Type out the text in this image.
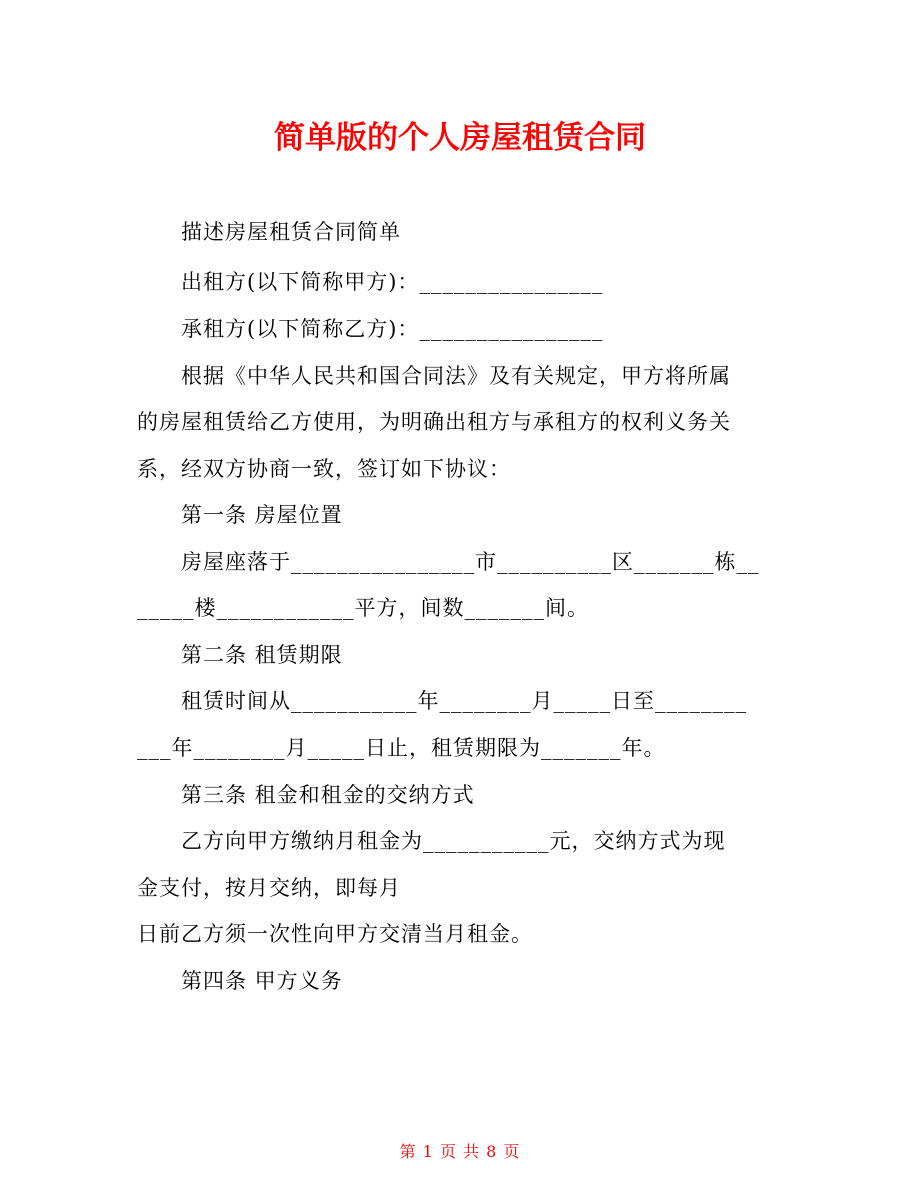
简单版的个人房屋租赁合同
描述房屋租赁合同简单
出租方(以下简称甲方)：________________
承租方(以下简称乙方)：________________
根据《中华人民共和国合同法》及有关规定，甲方将所属
的房屋租赁给乙方使用，为明确出租方与承租方的权利义务关
系，经双方协商一致，签订如下协议：
第一条 房屋位置
房屋座落于________________市__________区_______栋__
_____楼____________平方，间数_______间。
第二条 租赁期限
租赁时间从___________年________月_____日至________
___年________月_____日止，租赁期限为_______年。
第三条 租金和租金的交纳方式
乙方向甲方缴纳月租金为___________元，交纳方式为现
金支付，按月交纳，即每月
日前乙方须一次性向甲方交清当月租金。
第四条 甲方义务
第 1 页 共 8 页
